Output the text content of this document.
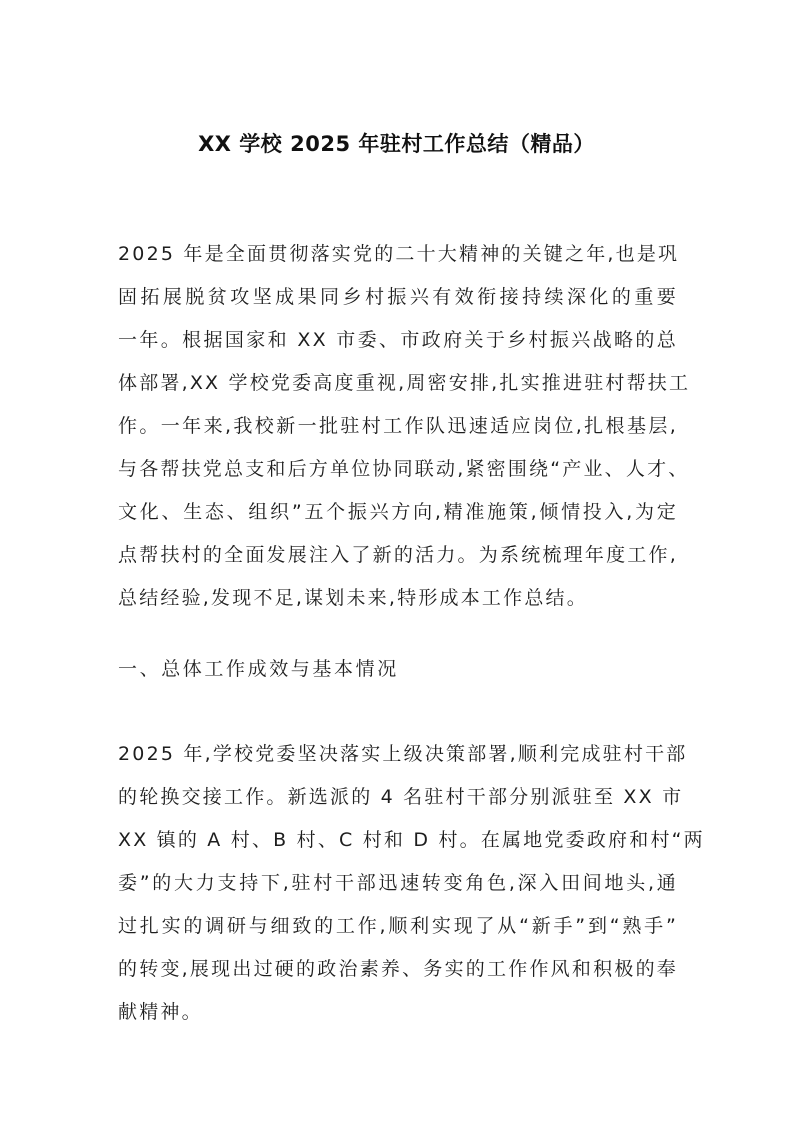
XX 学校 2025 年驻村工作总结（精品）
2025 年是全面贯彻落实党的二十大精神的关键之年,也是巩
固拓展脱贫攻坚成果同乡村振兴有效衔接持续深化的重要
一年。根据国家和 XX 市委、市政府关于乡村振兴战略的总
体部署,XX 学校党委高度重视,周密安排,扎实推进驻村帮扶工
作。一年来,我校新一批驻村工作队迅速适应岗位,扎根基层,
与各帮扶党总支和后方单位协同联动,紧密围绕“产业、人才、
文化、生态、组织”五个振兴方向,精准施策,倾情投入,为定
点帮扶村的全面发展注入了新的活力。为系统梳理年度工作,
总结经验,发现不足,谋划未来,特形成本工作总结。
一、总体工作成效与基本情况
2025 年,学校党委坚决落实上级决策部署,顺利完成驻村干部
的轮换交接工作。新选派的 4 名驻村干部分别派驻至 XX 市
XX 镇的 A 村、B 村、C 村和 D 村。在属地党委政府和村“两
委”的大力支持下,驻村干部迅速转变角色,深入田间地头,通
过扎实的调研与细致的工作,顺利实现了从“新手”到“熟手”
的转变,展现出过硬的政治素养、务实的工作作风和积极的奉
献精神。
